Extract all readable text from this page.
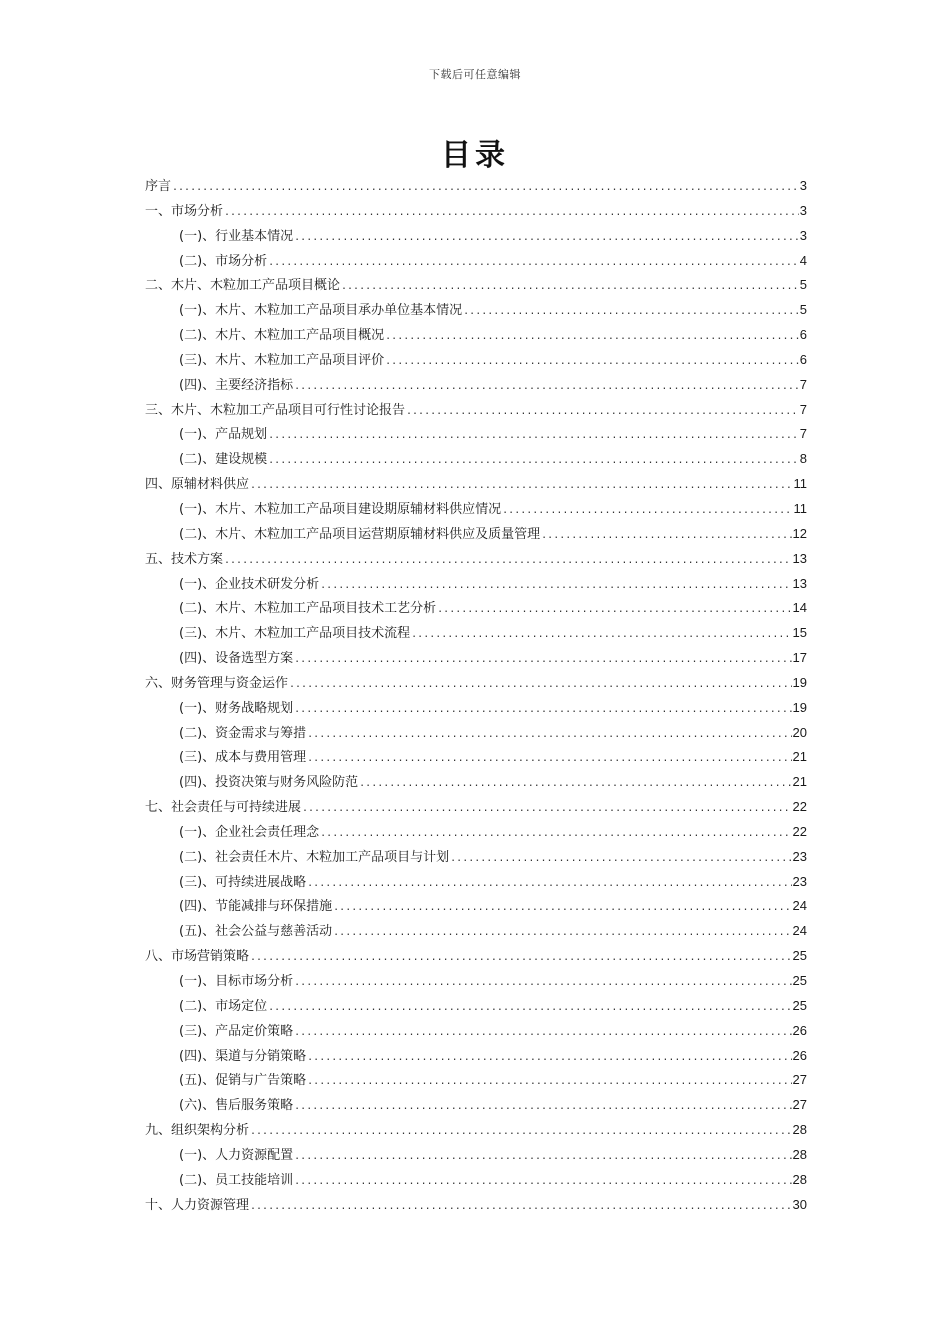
下载后可任意编辑
目录
序言 .....	3
一、市场分析 .....	3
(一)、行业基本情况 .....	3
(二)、市场分析 .....	4
二、木片、木粒加工产品项目概论 .....	5
(一)、木片、木粒加工产品项目承办单位基本情况 .....	5
(二)、木片、木粒加工产品项目概况 .....	6
(三)、木片、木粒加工产品项目评价 .....	6
(四)、主要经济指标 .....	7
三、木片、木粒加工产品项目可行性讨论报告 .....	7
(一)、产品规划 .....	7
(二)、建设规模 .....	8
四、原辅材料供应 .....	11
(一)、木片、木粒加工产品项目建设期原辅材料供应情况 .....	11
(二)、木片、木粒加工产品项目运营期原辅材料供应及质量管理 .....	12
五、技术方案 .....	13
(一)、企业技术研发分析 .....	13
(二)、木片、木粒加工产品项目技术工艺分析 .....	14
(三)、木片、木粒加工产品项目技术流程 .....	15
(四)、设备选型方案 .....	17
六、财务管理与资金运作 .....	19
(一)、财务战略规划 .....	19
(二)、资金需求与筹措 .....	20
(三)、成本与费用管理 .....	21
(四)、投资决策与财务风险防范 .....	21
七、社会责任与可持续进展 .....	22
(一)、企业社会责任理念 .....	22
(二)、社会责任木片、木粒加工产品项目与计划 .....	23
(三)、可持续进展战略 .....	23
(四)、节能减排与环保措施 .....	24
(五)、社会公益与慈善活动 .....	24
八、市场营销策略 .....	25
(一)、目标市场分析 .....	25
(二)、市场定位 .....	25
(三)、产品定价策略 .....	26
(四)、渠道与分销策略 .....	26
(五)、促销与广告策略 .....	27
(六)、售后服务策略 .....	27
九、组织架构分析 .....	28
(一)、人力资源配置 .....	28
(二)、员工技能培训 .....	28
十、人力资源管理 .....	30
